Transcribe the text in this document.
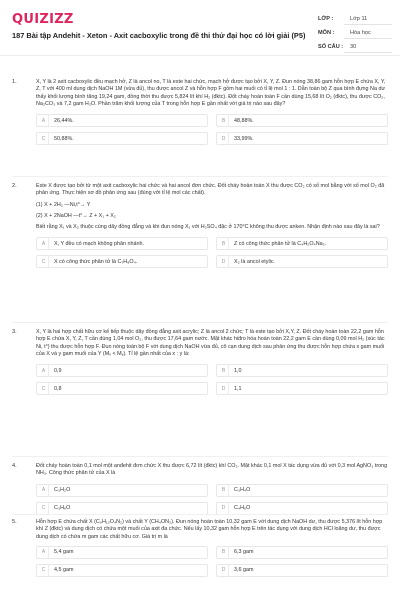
QUIZIZZ
187 Bài tập Andehit - Xeton - Axit cacboxylic trong đề thi thử đại học có lời giải (P5)
LỚP :	Lớp 11
MÔN :	Hóa học
SỐ CÂU :	30
1.	X, Y là 2 axit cacboxylic đều mạch hở, Z là ancol no, T là este hai chức, mạch hở được tạo bởi X, Y, Z. Đun nóng 38,86 gam hỗn hợp E chứa X, Y, Z, T với 400 ml dung dịch NaOH 1M (vừa đủ), thu được ancol Z và hỗn hợp F gồm hai muối có tỉ lệ mol 1 : 1. Dẫn toàn bộ Z qua bình đựng Na dư thấy khối lượng bình tăng 19,24 gam, đồng thời thu được 5,824 lít khí H₂ (đktc). Đốt cháy hoàn toàn F cần dùng 15,68 lít O₂ (đktc), thu được CO₂, Na₂CO₃ và 7,2 gam H₂O. Phần trăm khối lượng của T trong hỗn hợp E gần nhất với giá trị nào sau đây?

A	26,44%.	B	48,88%.
C	50,88%.	D	33,99%.
2.	Este X được tạo bởi từ một axit cacboxylic hai chức và hai ancol đơn chức. Đốt cháy hoàn toàn X thu được CO₂ có số mol bằng với số mol O₂ đã phản ứng. Thực hiện sơ đồ phản ứng sau (đúng với tỉ lệ mol các chất).

(1) X + 2H₂ —Ni,t°→ Y

(2) X + 2NaOH —t°→ Z + X₁ + X₂

Biết rằng X₁ và X₂ thuộc cùng dãy đồng đẳng và khi đun nóng X₁ với H₂SO₄ đặc ở 170°C không thu được anken. Nhận định nào sau đây là sai?

A	X, Y đều có mạch không phân nhánh.	B	Z có công thức phân tử là C₄H₂O₄Na₂.
C	X có công thức phân tử là C₇H₈O₄.	D	X₂ là ancol etylic.
3.	X, Y là hai hợp chất hữu cơ kế tiếp thuộc dãy đồng đẳng axit acrylic; Z là ancol 2 chức; T là este tạo bởi X,Y, Z. Đốt cháy hoàn toàn 22,2 gam hỗn hợp E chứa X, Y, Z, T cần dùng 1,04 mol O₂, thu được 17,64 gam nước. Mặt khác hiđro hóa hoàn toàn 22,2 gam E cần dùng 0,09 mol H₂ (xúc tác Ni, t°) thu được hỗn hợp F. Đun nóng toàn bộ F với dung dịch NaOH vừa đủ, cô cạn dung dịch sau phản ứng thu được hỗn hợp chứa x gam muối của X và y gam muối của Y (Mₓ < Mᵧ). Tỉ lệ gần nhất của x : y là:

A	0,9	B	1,0
C	0,8	D	1,1
4.	Đốt cháy hoàn toàn 0,1 mol một anđehit đơn chức X thu được 6,72 lít (đktc) khí CO₂. Mặt khác 0,1 mol X tác dụng vừa đủ với 0,3 mol AgNO₃ trong NH₃. Công thức phân tử của X là

A	C₃H₂O	B	C₃H₄O
C	C₃H₆O	D	C₄H₆O
5.	Hỗn hợp E chứa chất X (C₅H₁₂O₄N₂) và chất Y (CH₄ON₂). Đun nóng hoàn toàn 10,32 gam E với dung dịch NaOH dư, thu được 5,376 lít hỗn hợp khí Z (đktc) và dung dịch có chứa một muối của axit đa chức. Nếu lấy 10,32 gam hỗn hợp E trên tác dụng với dung dịch HCl loãng dư, thu được dung dịch có chứa m gam các chất hữu cơ. Giá trị m là

A	5,4 gam	B	6,3 gam
C	4,5 gam	D	3,6 gam
